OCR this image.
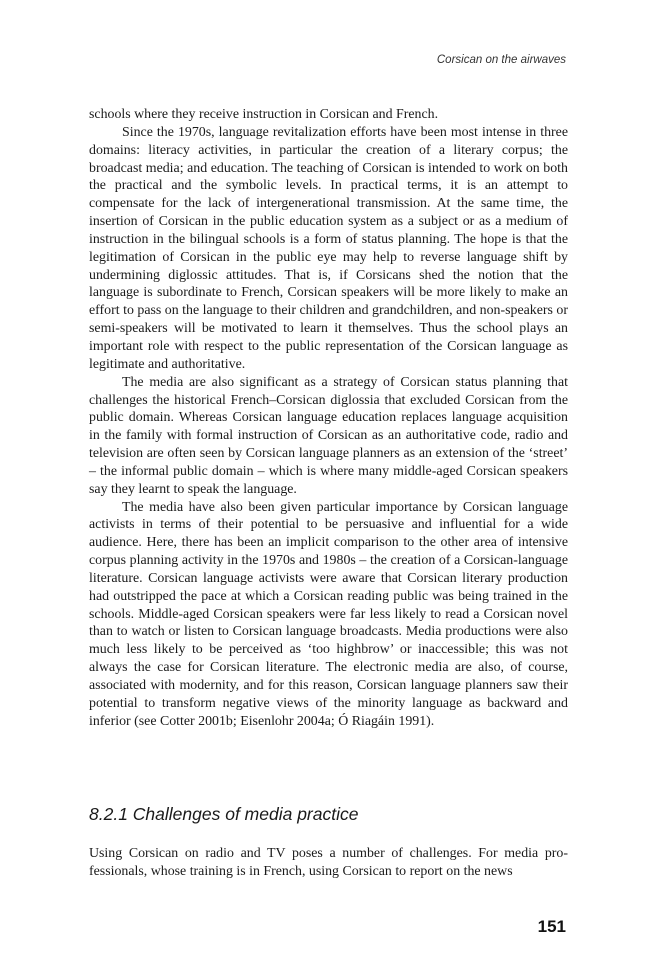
Corsican on the airwaves

schools where they receive instruction in Corsican and French.

Since the 1970s, language revitalization efforts have been most intense in three domains: literacy activities, in particular the creation of a literary corpus; the broadcast media; and education. The teaching of Corsican is intended to work on both the practical and the symbolic levels. In practical terms, it is an attempt to compensate for the lack of intergenerational transmission. At the same time, the insertion of Corsican in the public education system as a subject or as a medium of instruction in the bilingual schools is a form of status planning. The hope is that the legitimation of Corsican in the public eye may help to reverse language shift by undermining diglossic attitudes. That is, if Corsicans shed the notion that the language is subordinate to French, Corsican speakers will be more likely to make an effort to pass on the language to their children and grandchildren, and non-speakers or semi-speakers will be motivated to learn it themselves. Thus the school plays an important role with respect to the public representation of the Corsican language as legitimate and authoritative.

The media are also significant as a strategy of Corsican status planning that challenges the historical French–Corsican diglossia that excluded Corsican from the public domain. Whereas Corsican language education replaces language acquisition in the family with formal instruction of Corsican as an authoritative code, radio and television are often seen by Corsican language planners as an extension of the ‘street’ – the informal public domain – which is where many middle-aged Corsican speakers say they learnt to speak the language.

The media have also been given particular importance by Corsican language activists in terms of their potential to be persuasive and influential for a wide audience. Here, there has been an implicit comparison to the other area of intensive corpus planning activity in the 1970s and 1980s – the creation of a Corsican-language literature. Corsican language activists were aware that Corsican literary production had outstripped the pace at which a Corsican reading public was being trained in the schools. Middle-aged Corsican speakers were far less likely to read a Corsican novel than to watch or listen to Corsican language broadcasts. Media productions were also much less likely to be perceived as ‘too highbrow’ or inaccessible; this was not always the case for Corsican literature. The electronic media are also, of course, associated with modernity, and for this reason, Corsican language planners saw their potential to transform negative views of the minority language as backward and inferior (see Cotter 2001b; Eisenlohr 2004a; Ó Riagáin 1991).

8.2.1 Challenges of media practice

Using Corsican on radio and TV poses a number of challenges. For media professionals, whose training is in French, using Corsican to report on the news

151
